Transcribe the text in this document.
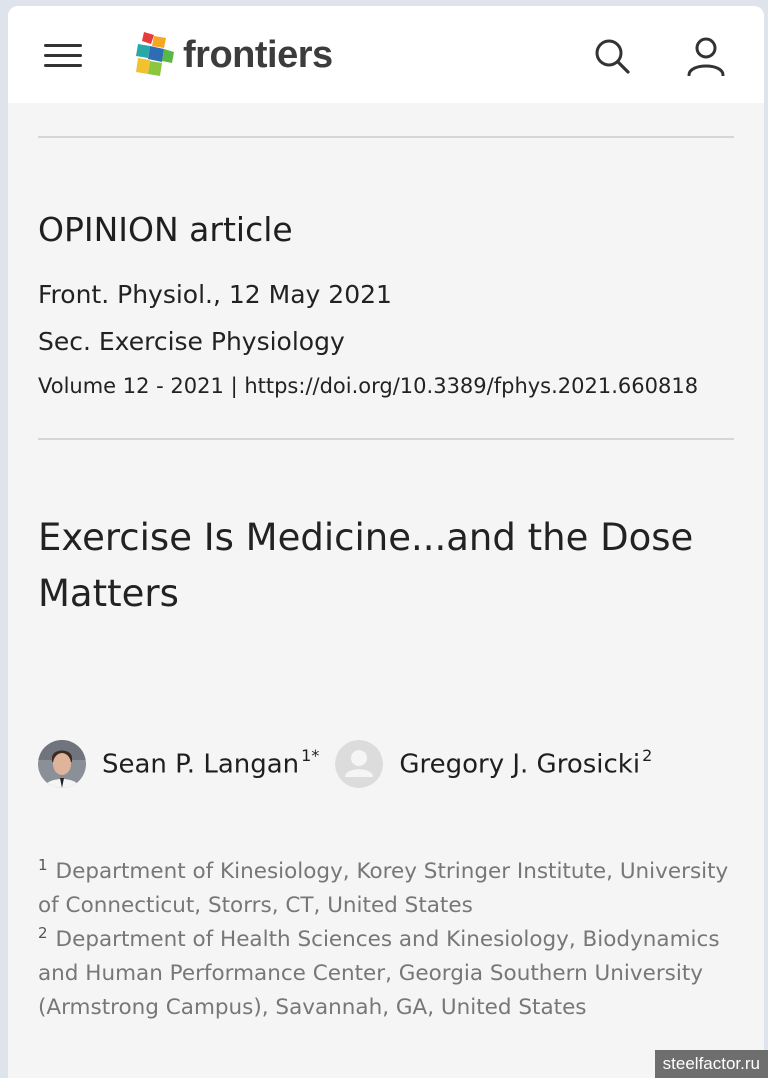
frontiers
OPINION article
Front. Physiol., 12 May 2021
Sec. Exercise Physiology
Volume 12 - 2021 | https://doi.org/10.3389/fphys.2021.660818
Exercise Is Medicine...and the Dose Matters
Sean P. Langan $^{1*}$	Gregory J. Grosicki $^2$
$^1$ Department of Kinesiology, Korey Stringer Institute, University of Connecticut, Storrs, CT, United States
$^2$ Department of Health Sciences and Kinesiology, Biodynamics and Human Performance Center, Georgia Southern University (Armstrong Campus), Savannah, GA, United States
steelfactor.ru
